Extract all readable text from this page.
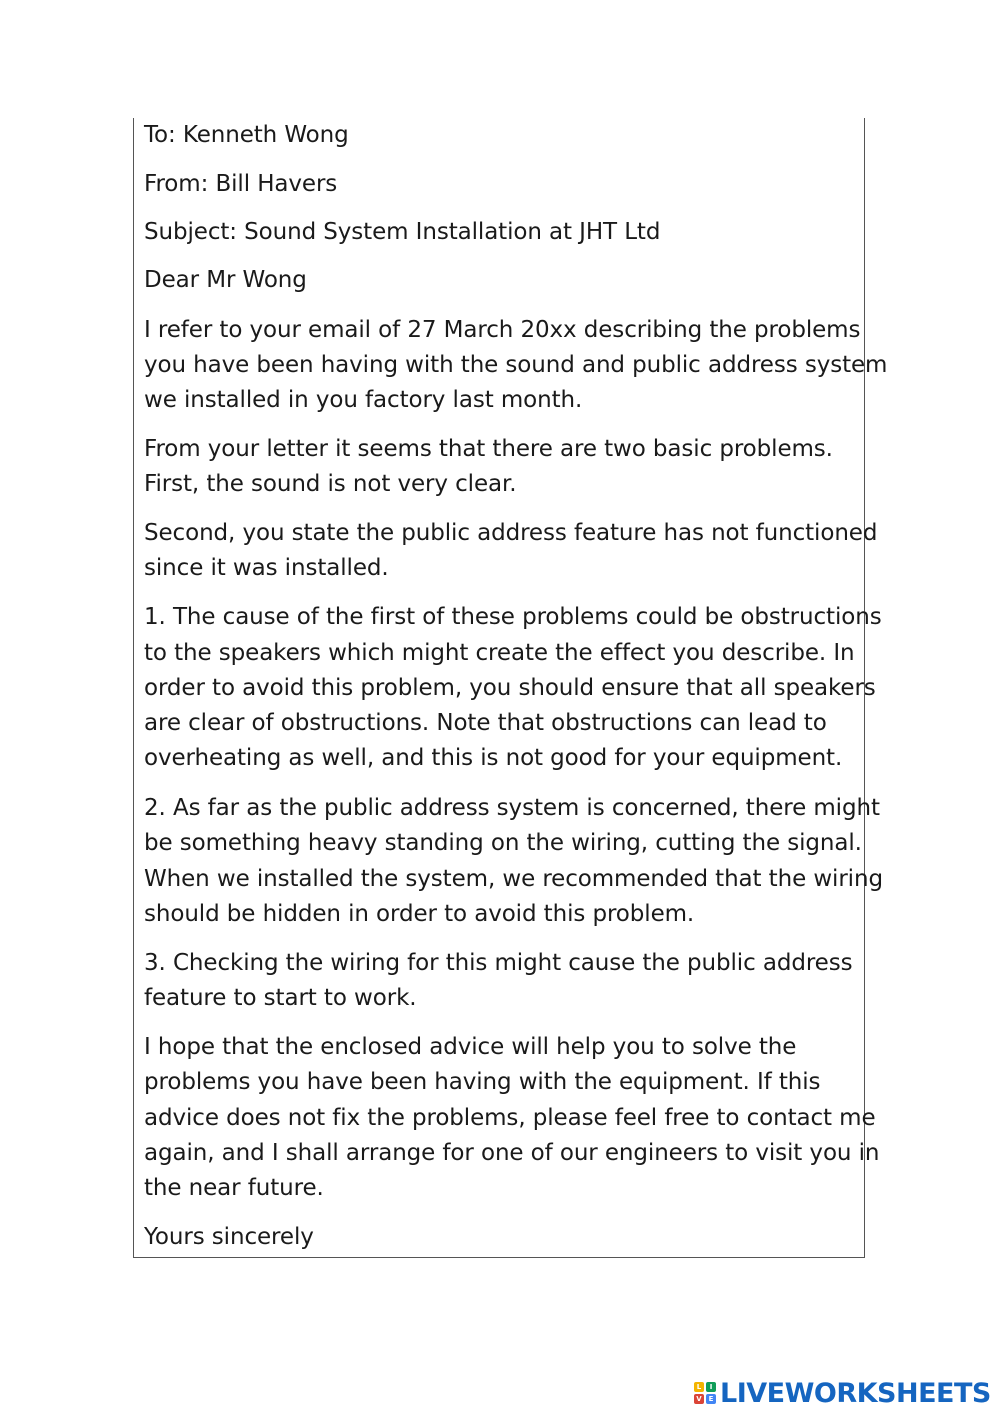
To: Kenneth Wong

From: Bill Havers

Subject: Sound System Installation at JHT Ltd

Dear Mr Wong

I refer to your email of 27 March 20xx describing the problems

you have been having with the sound and public address system

we installed in you factory last month.

From your letter it seems that there are two basic problems.

First, the sound is not very clear.

Second, you state the public address feature has not functioned

since it was installed.

1. The cause of the first of these problems could be obstructions

to the speakers which might create the effect you describe. In

order to avoid this problem, you should ensure that all speakers

are clear of obstructions. Note that obstructions can lead to

overheating as well, and this is not good for your equipment.

2. As far as the public address system is concerned, there might

be something heavy standing on the wiring, cutting the signal.

When we installed the system, we recommended that the wiring

should be hidden in order to avoid this problem.

3. Checking the wiring for this might cause the public address

feature to start to work.

I hope that the enclosed advice will help you to solve the

problems you have been having with the equipment. If this

advice does not fix the problems, please feel free to contact me

again, and I shall arrange for one of our engineers to visit you in

the near future.

Yours sincerely

L	I
V E LIVEWORKSHEETS
